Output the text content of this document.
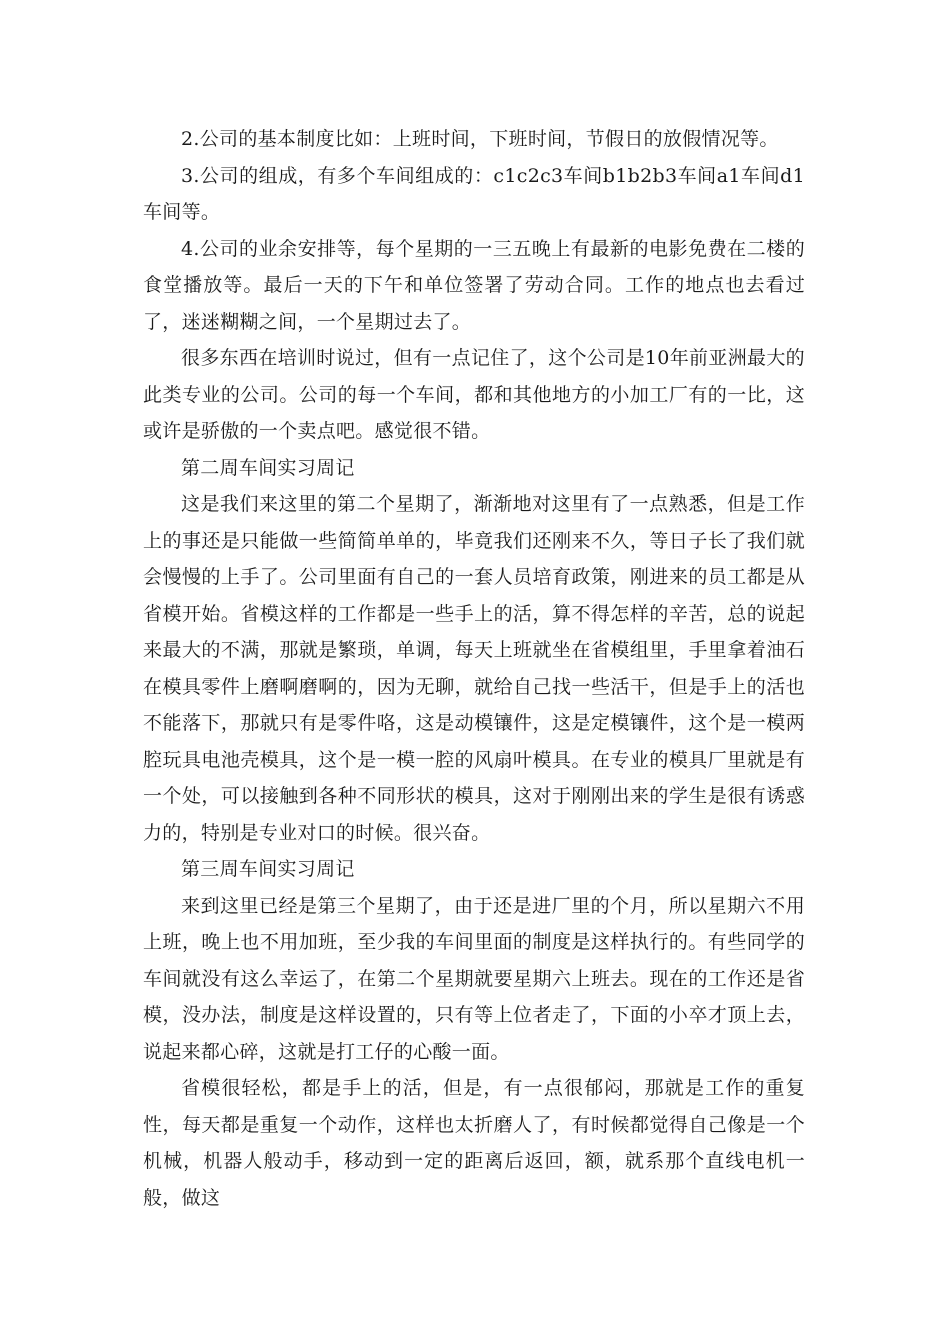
2.公司的基本制度比如：上班时间，下班时间，节假日的放假情况等。

3.公司的组成，有多个车间组成的：c1c2c3车间b1b2b3车间a1车间d1车间等。

4.公司的业余安排等，每个星期的一三五晚上有最新的电影免费在二楼的食堂播放等。最后一天的下午和单位签署了劳动合同。工作的地点也去看过了，迷迷糊糊之间，一个星期过去了。

很多东西在培训时说过，但有一点记住了，这个公司是10年前亚洲最大的此类专业的公司。公司的每一个车间，都和其他地方的小加工厂有的一比，这或许是骄傲的一个卖点吧。感觉很不错。

第二周车间实习周记

这是我们来这里的第二个星期了，渐渐地对这里有了一点熟悉，但是工作上的事还是只能做一些简简单单的，毕竟我们还刚来不久，等日子长了我们就会慢慢的上手了。公司里面有自己的一套人员培育政策，刚进来的员工都是从省模开始。省模这样的工作都是一些手上的活，算不得怎样的辛苦，总的说起来最大的不满，那就是繁琐，单调，每天上班就坐在省模组里，手里拿着油石在模具零件上磨啊磨啊的，因为无聊，就给自己找一些活干，但是手上的活也不能落下，那就只有是零件咯，这是动模镶件，这是定模镶件，这个是一模两腔玩具电池壳模具，这个是一模一腔的风扇叶模具。在专业的模具厂里就是有一个处，可以接触到各种不同形状的模具，这对于刚刚出来的学生是很有诱惑力的，特别是专业对口的时候。很兴奋。

第三周车间实习周记

来到这里已经是第三个星期了，由于还是进厂里的个月，所以星期六不用上班，晚上也不用加班，至少我的车间里面的制度是这样执行的。有些同学的车间就没有这么幸运了，在第二个星期就要星期六上班去。现在的工作还是省模，没办法，制度是这样设置的，只有等上位者走了，下面的小卒才顶上去，说起来都心碎，这就是打工仔的心酸一面。

省模很轻松，都是手上的活，但是，有一点很郁闷，那就是工作的重复性，每天都是重复一个动作，这样也太折磨人了，有时候都觉得自己像是一个机械，机器人般动手，移动到一定的距离后返回，额，就系那个直线电机一般，做这
